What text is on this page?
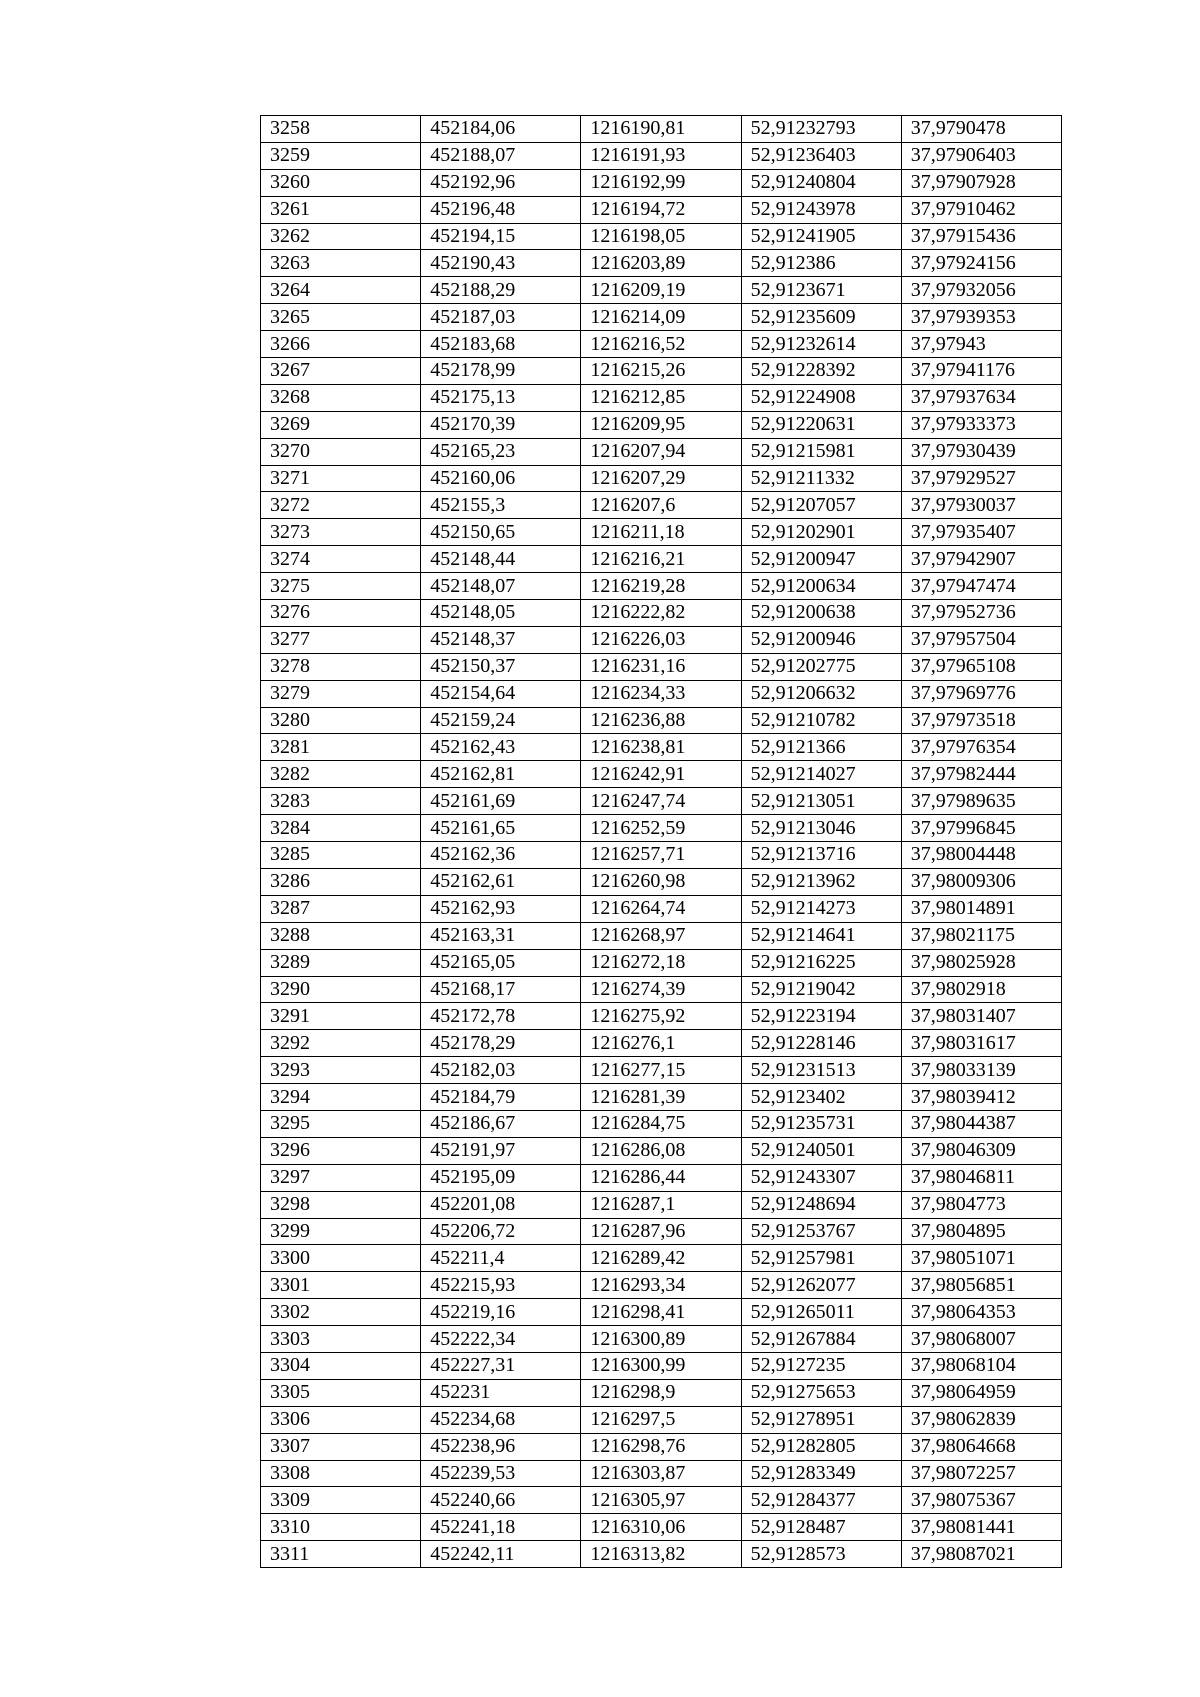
3258	452184,06	1216190,81	52,91232793	37,9790478
3259	452188,07	1216191,93	52,91236403	37,97906403
3260	452192,96	1216192,99	52,91240804	37,97907928
3261	452196,48	1216194,72	52,91243978	37,97910462
3262	452194,15	1216198,05	52,91241905	37,97915436
3263	452190,43	1216203,89	52,912386	37,97924156
3264	452188,29	1216209,19	52,9123671	37,97932056
3265	452187,03	1216214,09	52,91235609	37,97939353
3266	452183,68	1216216,52	52,91232614	37,97943
3267	452178,99	1216215,26	52,91228392	37,97941176
3268	452175,13	1216212,85	52,91224908	37,97937634
3269	452170,39	1216209,95	52,91220631	37,97933373
3270	452165,23	1216207,94	52,91215981	37,97930439
3271	452160,06	1216207,29	52,91211332	37,97929527
3272	452155,3	1216207,6	52,91207057	37,97930037
3273	452150,65	1216211,18	52,91202901	37,97935407
3274	452148,44	1216216,21	52,91200947	37,97942907
3275	452148,07	1216219,28	52,91200634	37,97947474
3276	452148,05	1216222,82	52,91200638	37,97952736
3277	452148,37	1216226,03	52,91200946	37,97957504
3278	452150,37	1216231,16	52,91202775	37,97965108
3279	452154,64	1216234,33	52,91206632	37,97969776
3280	452159,24	1216236,88	52,91210782	37,97973518
3281	452162,43	1216238,81	52,9121366	37,97976354
3282	452162,81	1216242,91	52,91214027	37,97982444
3283	452161,69	1216247,74	52,91213051	37,97989635
3284	452161,65	1216252,59	52,91213046	37,97996845
3285	452162,36	1216257,71	52,91213716	37,98004448
3286	452162,61	1216260,98	52,91213962	37,98009306
3287	452162,93	1216264,74	52,91214273	37,98014891
3288	452163,31	1216268,97	52,91214641	37,98021175
3289	452165,05	1216272,18	52,91216225	37,98025928
3290	452168,17	1216274,39	52,91219042	37,9802918
3291	452172,78	1216275,92	52,91223194	37,98031407
3292	452178,29	1216276,1	52,91228146	37,98031617
3293	452182,03	1216277,15	52,91231513	37,98033139
3294	452184,79	1216281,39	52,9123402	37,98039412
3295	452186,67	1216284,75	52,91235731	37,98044387
3296	452191,97	1216286,08	52,91240501	37,98046309
3297	452195,09	1216286,44	52,91243307	37,98046811
3298	452201,08	1216287,1	52,91248694	37,9804773
3299	452206,72	1216287,96	52,91253767	37,9804895
3300	452211,4	1216289,42	52,91257981	37,98051071
3301	452215,93	1216293,34	52,91262077	37,98056851
3302	452219,16	1216298,41	52,91265011	37,98064353
3303	452222,34	1216300,89	52,91267884	37,98068007
3304	452227,31	1216300,99	52,9127235	37,98068104
3305	452231	1216298,9	52,91275653	37,98064959
3306	452234,68	1216297,5	52,91278951	37,98062839
3307	452238,96	1216298,76	52,91282805	37,98064668
3308	452239,53	1216303,87	52,91283349	37,98072257
3309	452240,66	1216305,97	52,91284377	37,98075367
3310	452241,18	1216310,06	52,9128487	37,98081441
3311	452242,11	1216313,82	52,9128573	37,98087021
